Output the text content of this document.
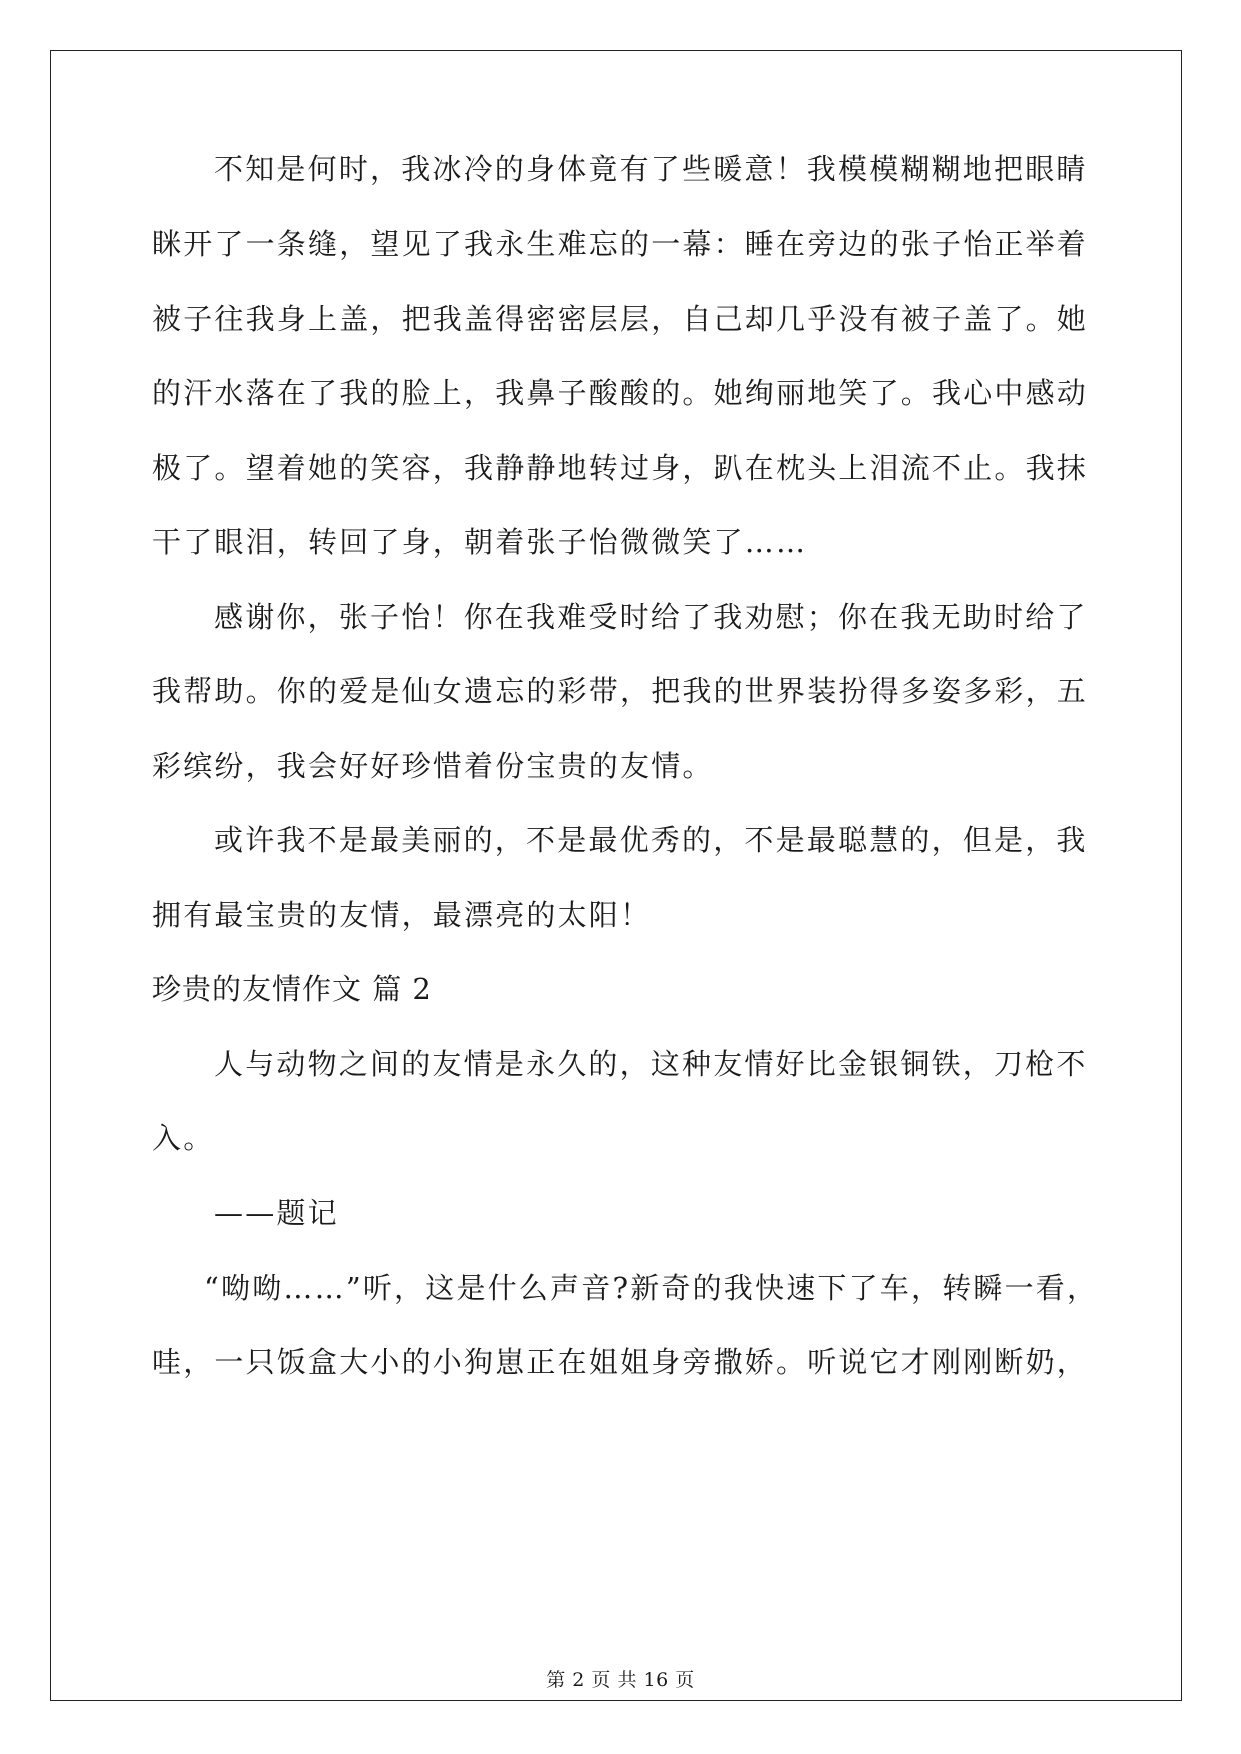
不知是何时，我冰冷的身体竟有了些暖意！我模模糊糊地把眼睛
眯开了一条缝，望见了我永生难忘的一幕：睡在旁边的张子怡正举着
被子往我身上盖，把我盖得密密层层，自己却几乎没有被子盖了。她
的汗水落在了我的脸上，我鼻子酸酸的。她绚丽地笑了。我心中感动
极了。望着她的笑容，我静静地转过身，趴在枕头上泪流不止。我抹
干了眼泪，转回了身，朝着张子怡微微笑了……
感谢你，张子怡！你在我难受时给了我劝慰；你在我无助时给了
我帮助。你的爱是仙女遗忘的彩带，把我的世界装扮得多姿多彩，五
彩缤纷，我会好好珍惜着份宝贵的友情。
或许我不是最美丽的，不是最优秀的，不是最聪慧的，但是，我
拥有最宝贵的友情，最漂亮的太阳！
珍贵的友情作文 篇 2
人与动物之间的友情是永久的，这种友情好比金银铜铁，刀枪不
入。
——题记
“呦呦……”听，这是什么声音?新奇的我快速下了车，转瞬一看，
哇，一只饭盒大小的小狗崽正在姐姐身旁撒娇。听说它才刚刚断奶，
第 2 页 共 16 页
